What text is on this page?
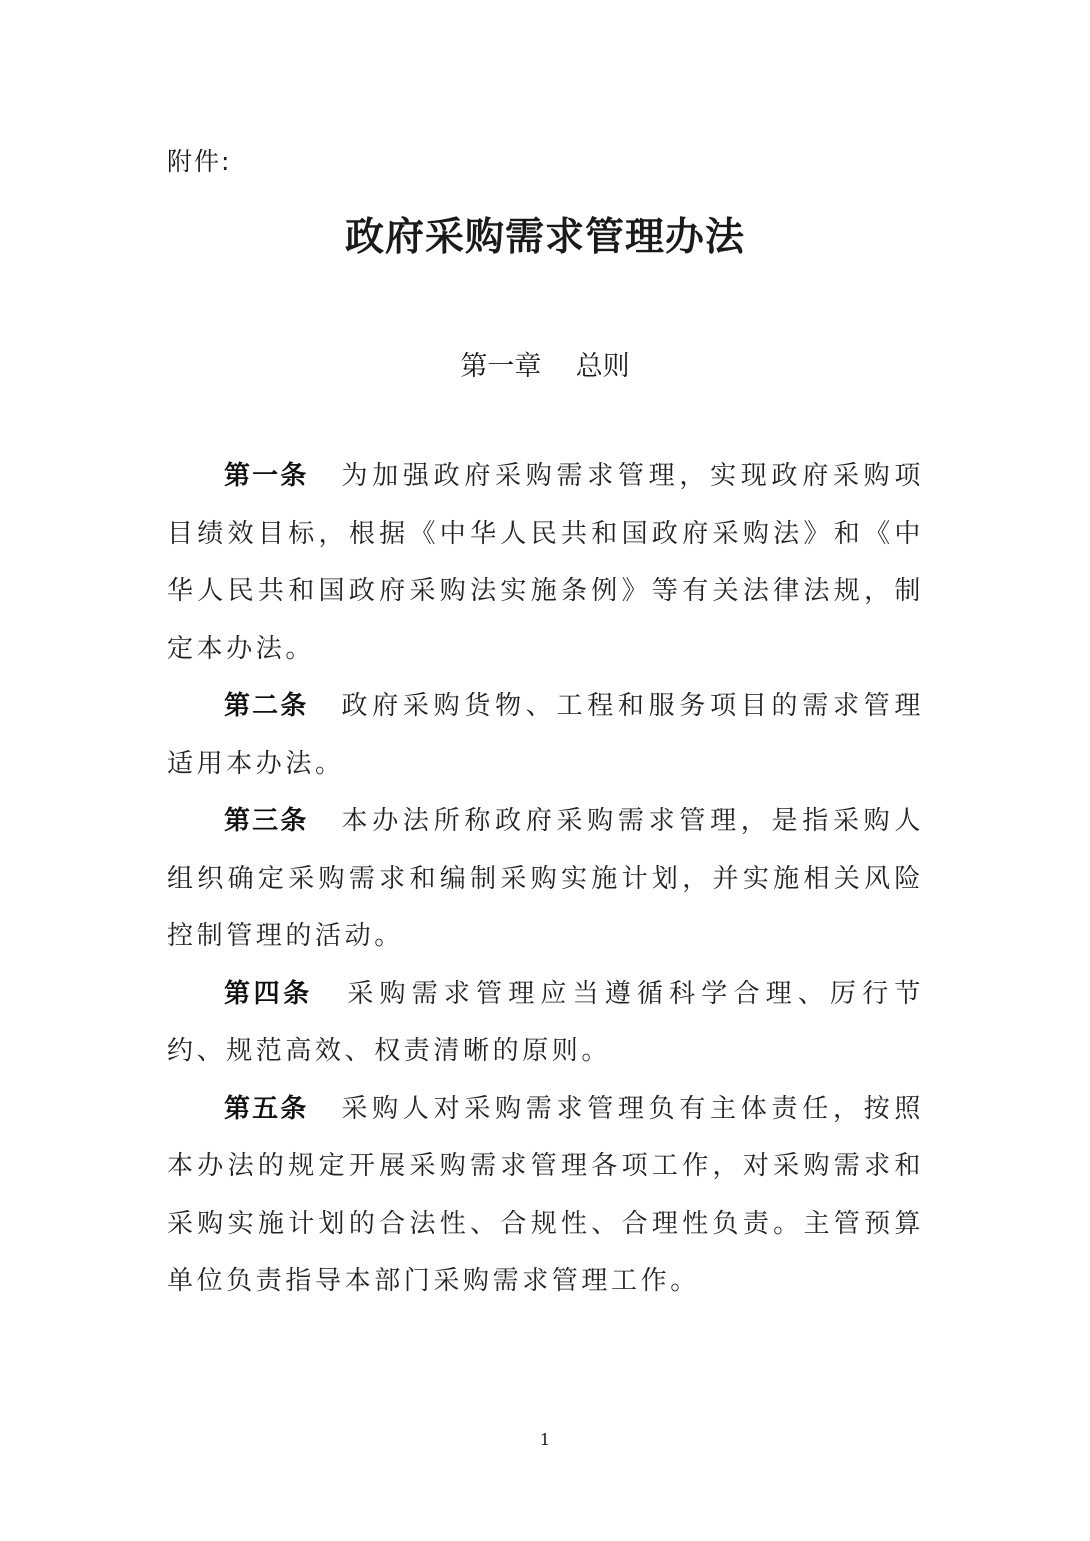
附件:
政府采购需求管理办法
第一章    总则

第一条 为加强政府采购需求管理，实现政府采购项目绩效目标，根据《中华人民共和国政府采购法》和《中华人民共和国政府采购法实施条例》等有关法律法规，制定本办法。

第二条 政府采购货物、工程和服务项目的需求管理适用本办法。

第三条 本办法所称政府采购需求管理，是指采购人组织确定采购需求和编制采购实施计划，并实施相关风险控制管理的活动。

第四条 采购需求管理应当遵循科学合理、厉行节约、规范高效、权责清晰的原则。

第五条 采购人对采购需求管理负有主体责任，按照本办法的规定开展采购需求管理各项工作，对采购需求和采购实施计划的合法性、合规性、合理性负责。主管预算单位负责指导本部门采购需求管理工作。

1
